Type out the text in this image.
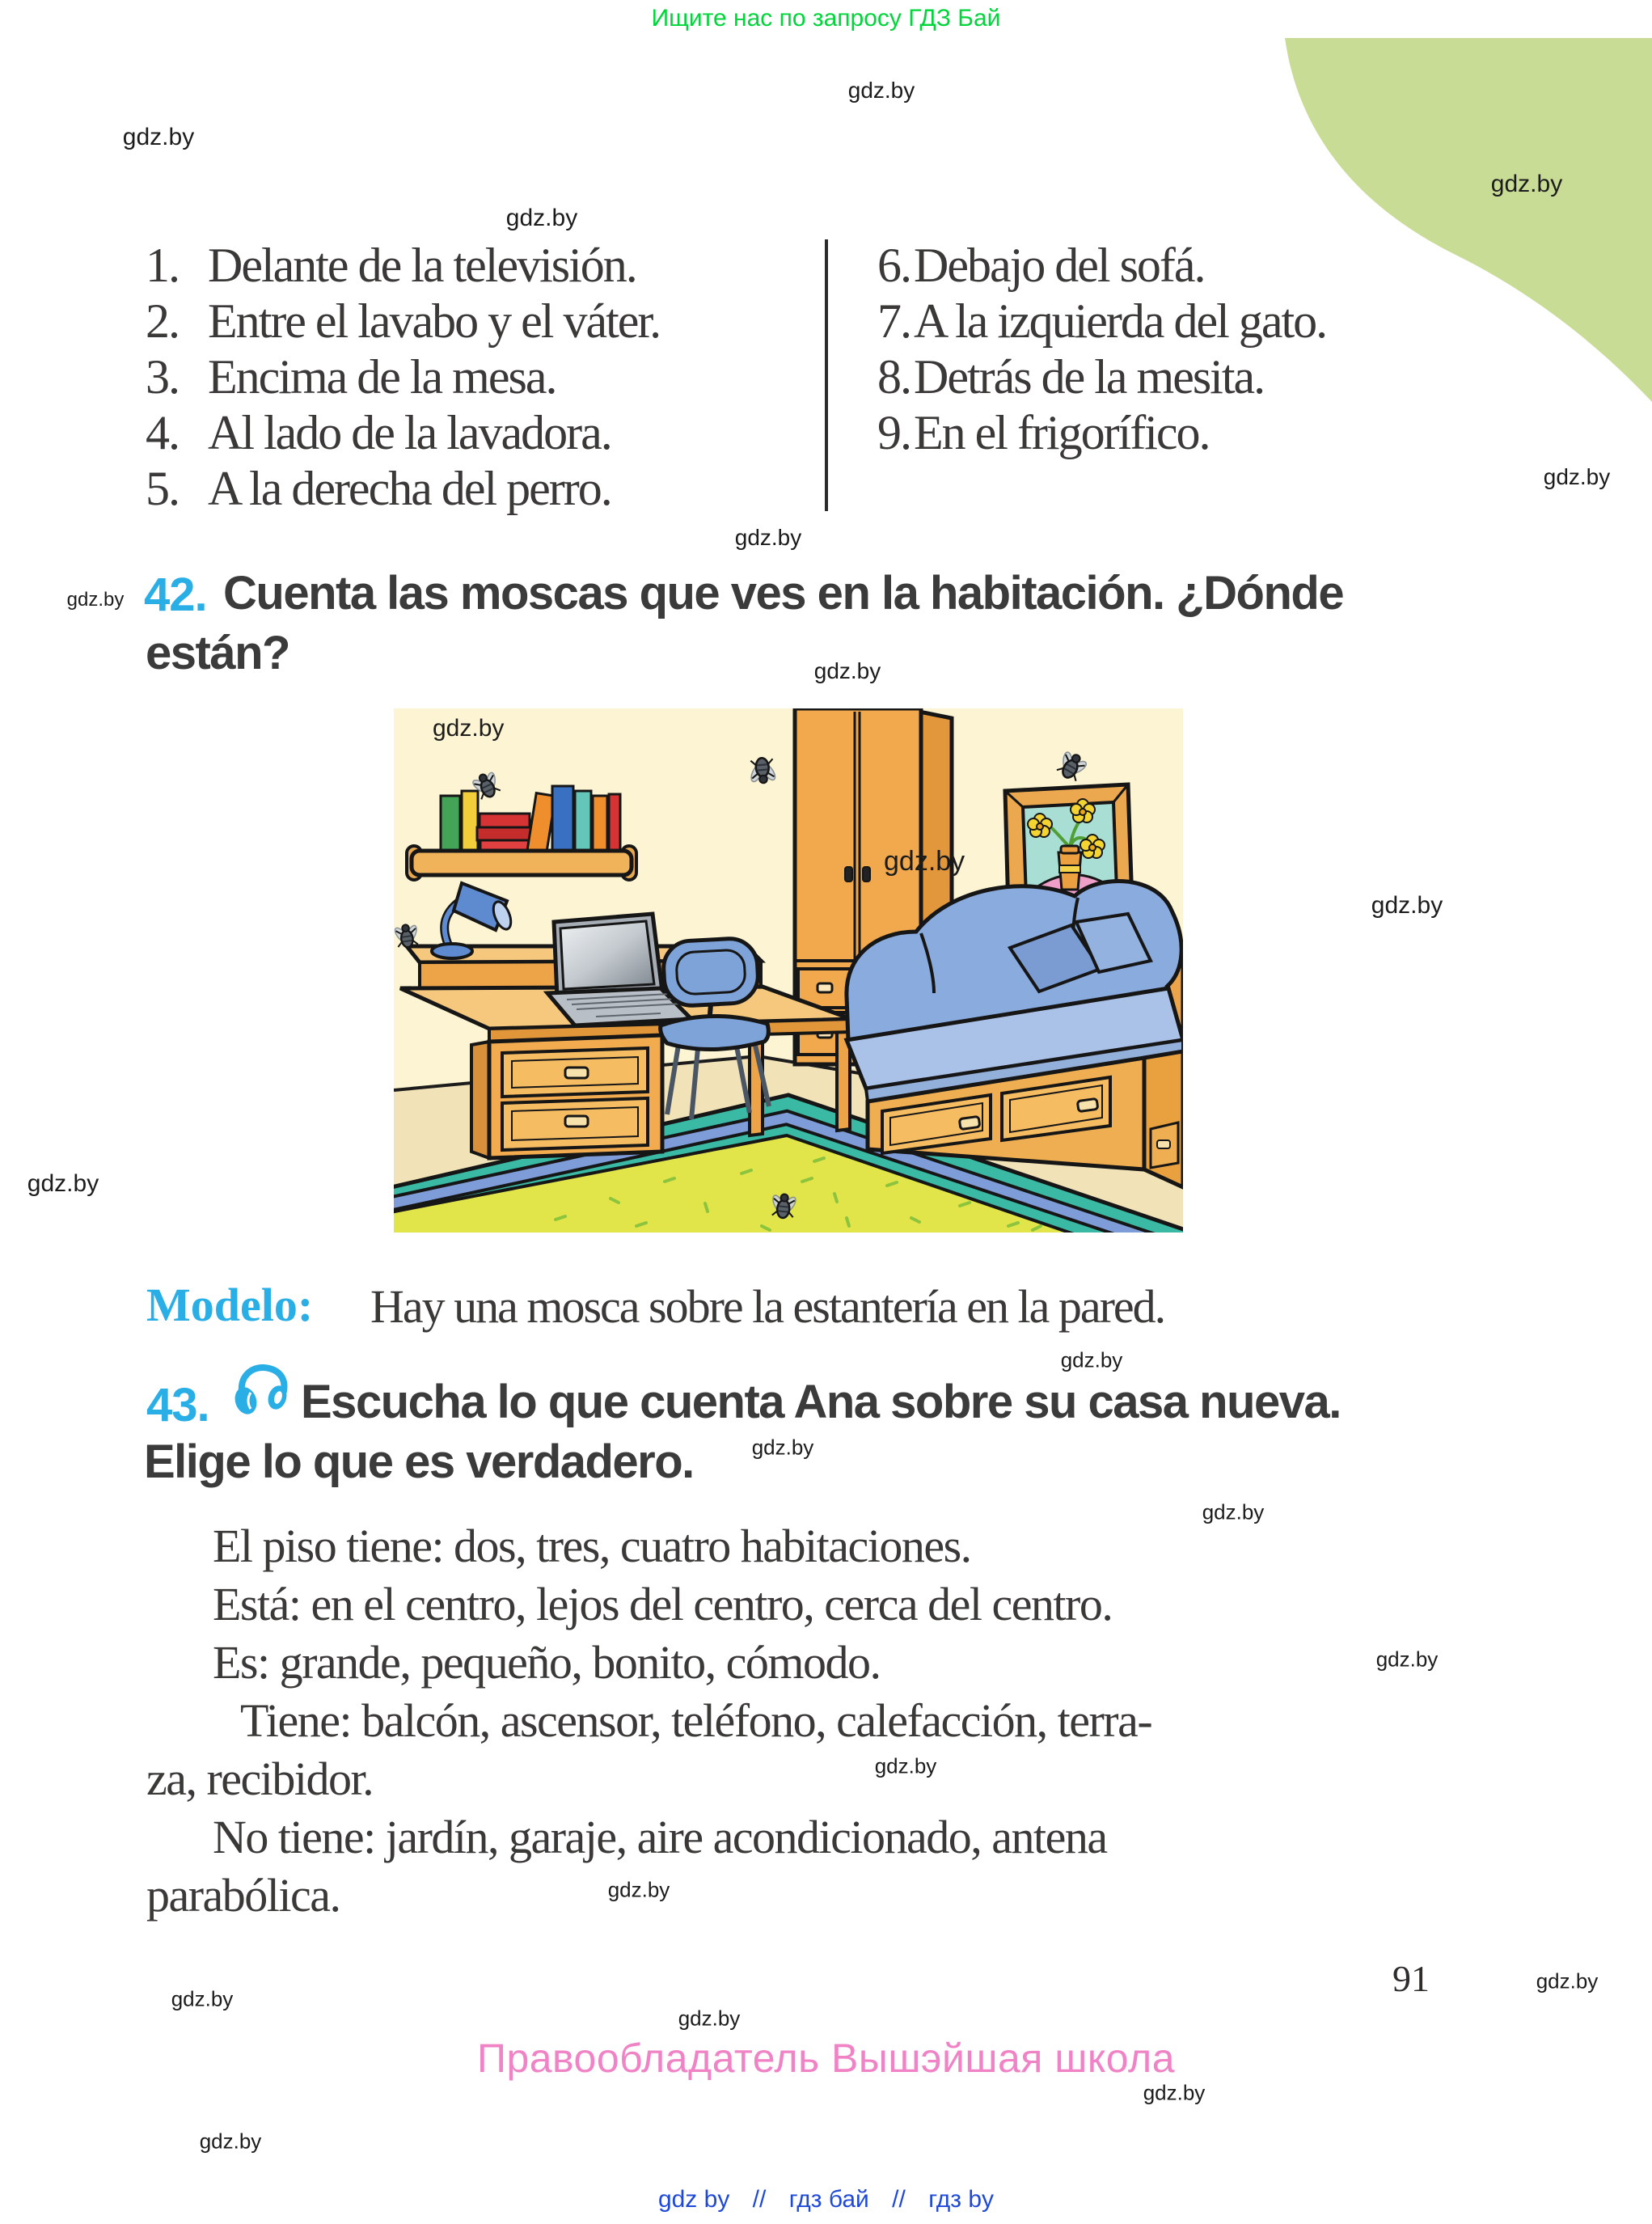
Ищите нас по запросу ГДЗ Бай
1. Delante de la televisión.
2. Entre el lavabo y el váter.
3. Encima de la mesa.
4. Al lado de la lavadora.
5. A la derecha del perro.
6. Debajo del sofá.
7. A la izquierda del gato.
8. Detrás de la mesita.
9. En el frigorífico.
42. Cuenta las moscas que ves en la habitación. ¿Dónde
están?
gdz.by
gdz.by
Modelo: Hay una mosca sobre la estantería en la pared.
43. Escucha lo que cuenta Ana sobre su casa nueva.
Elige lo que es verdadero.
El piso tiene: dos, tres, cuatro habitaciones.
Está: en el centro, lejos del centro, cerca del centro.
Es: grande, pequeño, bonito, cómodo.
Tiene: balcón, ascensor, teléfono, calefacción, terra-
za, recibidor.
No tiene: jardín, garaje, aire acondicionado, antena
parabólica.
91
Правообладатель Вышэйшая школа
gdz by // гдз бай // гдз by
gdz.by
gdz.by
gdz.by
gdz.by
gdz.by
gdz.by
gdz.by
gdz.by
gdz.by
gdz.by
gdz.by
gdz.by
gdz.by
gdz.by
gdz.by
gdz.by
gdz.by
gdz.by
gdz.by
gdz.by
gdz.by
